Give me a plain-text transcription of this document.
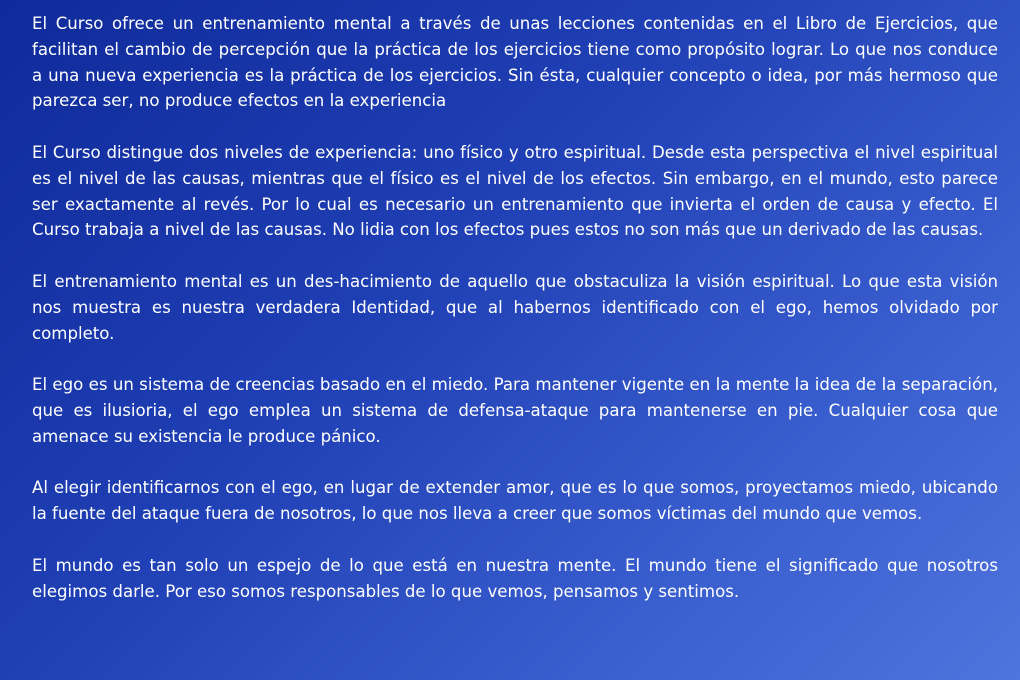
El Curso ofrece un entrenamiento mental a través de unas lecciones contenidas en el Libro de Ejercicios, que facilitan el cambio de percepción que la práctica de los ejercicios tiene como propósito lograr. Lo que nos conduce a una nueva experiencia es la práctica de los ejercicios. Sin ésta, cualquier concepto o idea, por más hermoso que parezca ser, no produce efectos en la experiencia

El Curso distingue dos niveles de experiencia: uno físico y otro espiritual. Desde esta perspectiva el nivel espiritual es el nivel de las causas, mientras que el físico es el nivel de los efectos. Sin embargo, en el mundo, esto parece ser exactamente al revés. Por lo cual es necesario un entrenamiento que invierta el orden de causa y efecto. El Curso trabaja a nivel de las causas. No lidia con los efectos pues estos no son más que un derivado de las causas.

El entrenamiento mental es un des-hacimiento de aquello que obstaculiza la visión espiritual. Lo que esta visión nos muestra es nuestra verdadera Identidad, que al habernos identificado con el ego, hemos olvidado por completo.

El ego es un sistema de creencias basado en el miedo. Para mantener vigente en la mente la idea de la separación, que es ilusioria, el ego emplea un sistema de defensa-ataque para mantenerse en pie. Cualquier cosa que amenace su existencia le produce pánico.

Al elegir identificarnos con el ego, en lugar de extender amor, que es lo que somos, proyectamos miedo, ubicando la fuente del ataque fuera de nosotros, lo que nos lleva a creer que somos víctimas del mundo que vemos.

El mundo es tan solo un espejo de lo que está en nuestra mente. El mundo tiene el significado que nosotros elegimos darle. Por eso somos responsables de lo que vemos, pensamos y sentimos.
